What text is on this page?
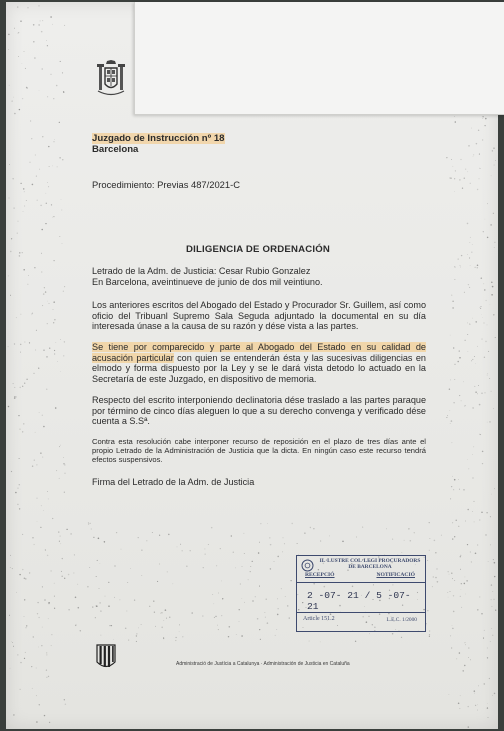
Juzgado de Instrucción nº 18
Barcelona
Procedimiento: Previas 487/2021-C
DILIGENCIA DE ORDENACIÓN
Letrado de la Adm. de Justicia: Cesar Rubio Gonzalez
En Barcelona, aveintinueve de junio de dos mil veintiuno.
Los anteriores escritos del Abogado del Estado y Procurador Sr. Guillem, así como oficio del Tribuanl Supremo Sala Seguda adjuntado la documental en su día interesada únase a la causa de su razón y dése vista a las partes.
Se tiene por comparecido y parte al Abogado del Estado en su calidad de acusación particular con quien se entenderán ésta y las sucesivas diligencias en elmodo y forma dispuesto por la Ley y se le dará vista detodo lo actuado en la Secretaría de este Juzgado, en dispositivo de memoria.
Respecto del escrito interponiendo declinatoria dése traslado a las partes paraque por término de cinco días aleguen lo que a su derecho convenga y verificado dése cuenta a S.Sª.
Contra esta resolución cabe interponer recurso de reposición en el plazo de tres días ante el propio Letrado de la Administración de Justicia que la dicta. En ningún caso este recurso tendrá efectos suspensivos.
Firma del Letrado de la Adm. de Justicia
IL·LUSTRE COL·LEGI PROCURADORS
DE BARCELONA
RECEPCIÓ	NOTIFICACIÓ
2 -07- 21 / 5 -07- 21
Article 151.2	L.E.C. 1/2000
Administració de Justícia a Catalunya · Administración de Justicia en Cataluña
